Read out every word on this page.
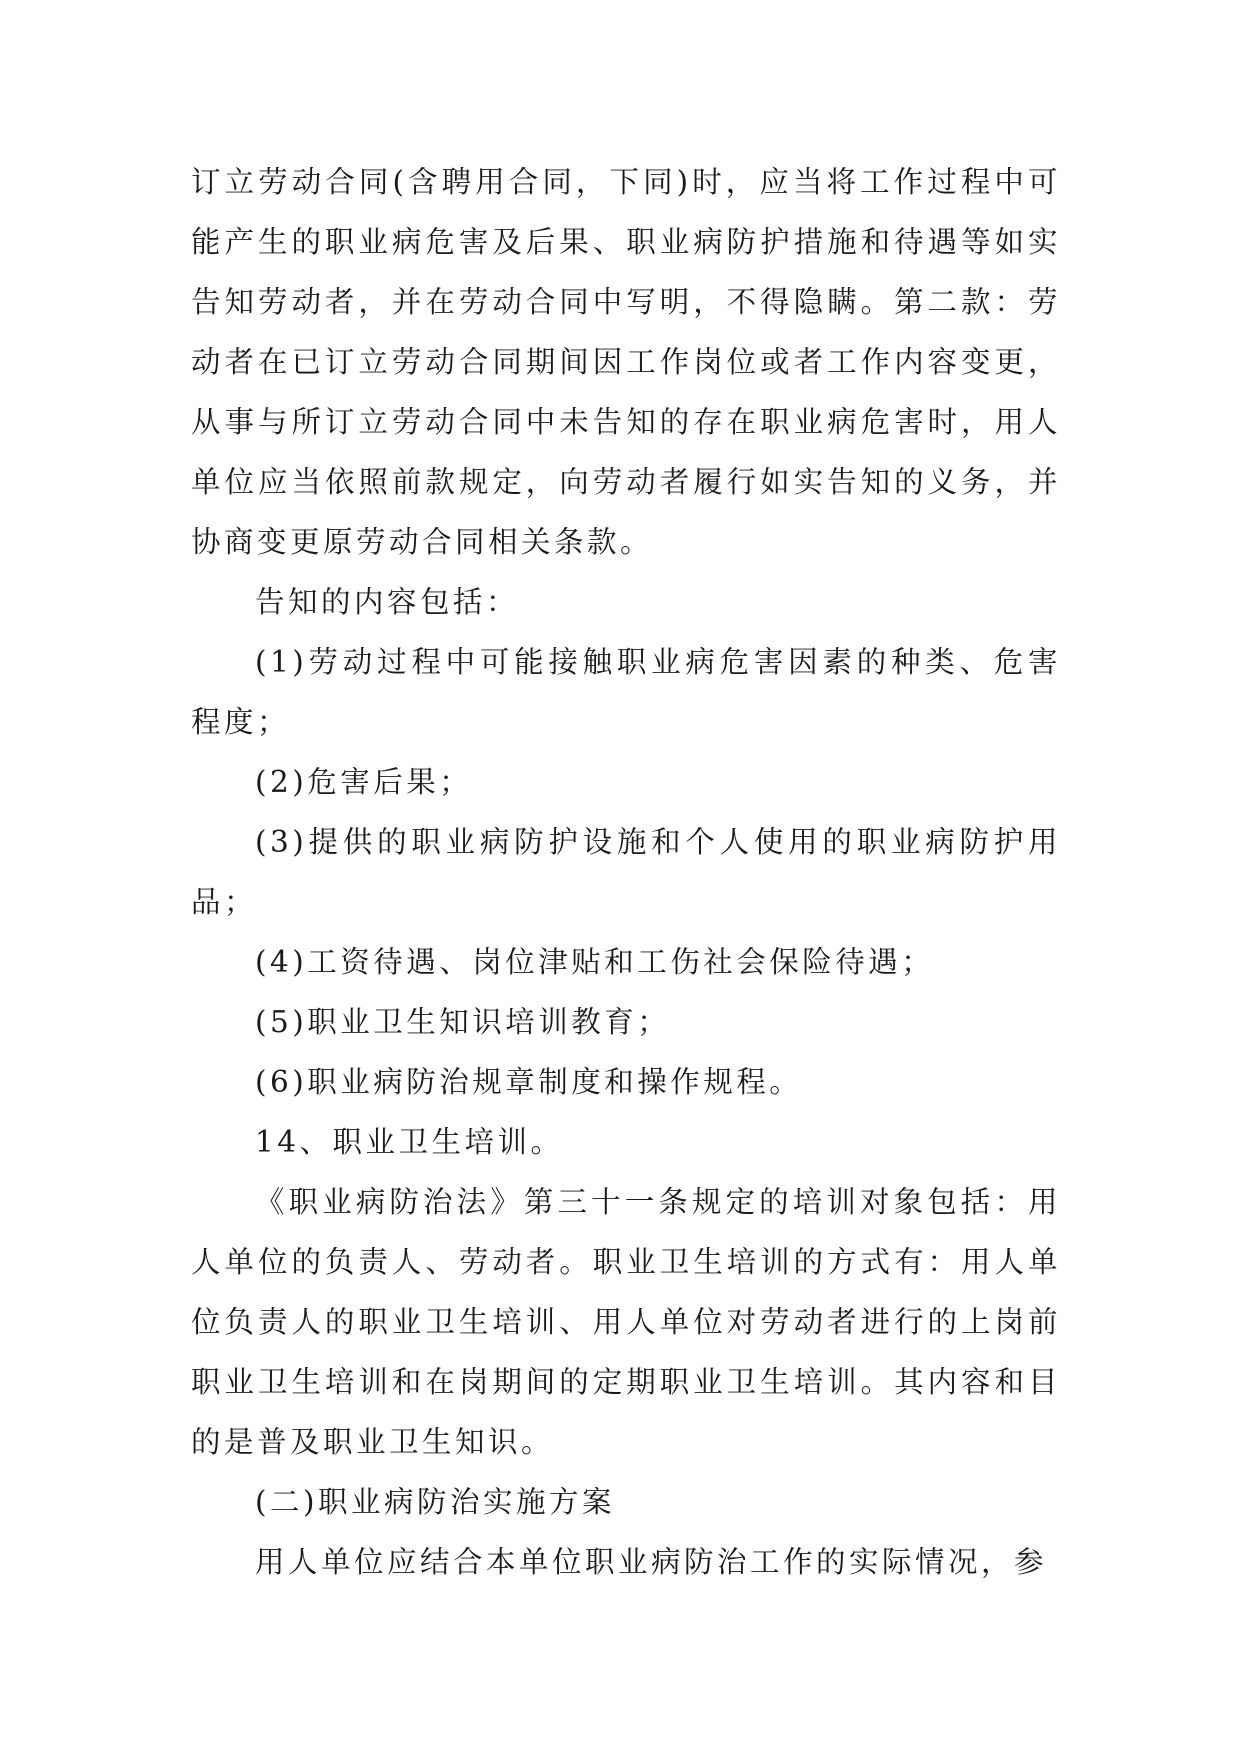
订立劳动合同(含聘用合同，下同)时，应当将工作过程中可能产生的职业病危害及后果、职业病防护措施和待遇等如实告知劳动者，并在劳动合同中写明，不得隐瞒。第二款：劳动者在已订立劳动合同期间因工作岗位或者工作内容变更，从事与所订立劳动合同中未告知的存在职业病危害时，用人单位应当依照前款规定，向劳动者履行如实告知的义务，并协商变更原劳动合同相关条款。

告知的内容包括：

(1)劳动过程中可能接触职业病危害因素的种类、危害程度；

(2)危害后果；

(3)提供的职业病防护设施和个人使用的职业病防护用品；

(4)工资待遇、岗位津贴和工伤社会保险待遇；

(5)职业卫生知识培训教育；

(6)职业病防治规章制度和操作规程。

14、职业卫生培训。

《职业病防治法》第三十一条规定的培训对象包括：用人单位的负责人、劳动者。职业卫生培训的方式有：用人单位负责人的职业卫生培训、用人单位对劳动者进行的上岗前职业卫生培训和在岗期间的定期职业卫生培训。其内容和目的是普及职业卫生知识。

(二)职业病防治实施方案

用人单位应结合本单位职业病防治工作的实际情况，参
